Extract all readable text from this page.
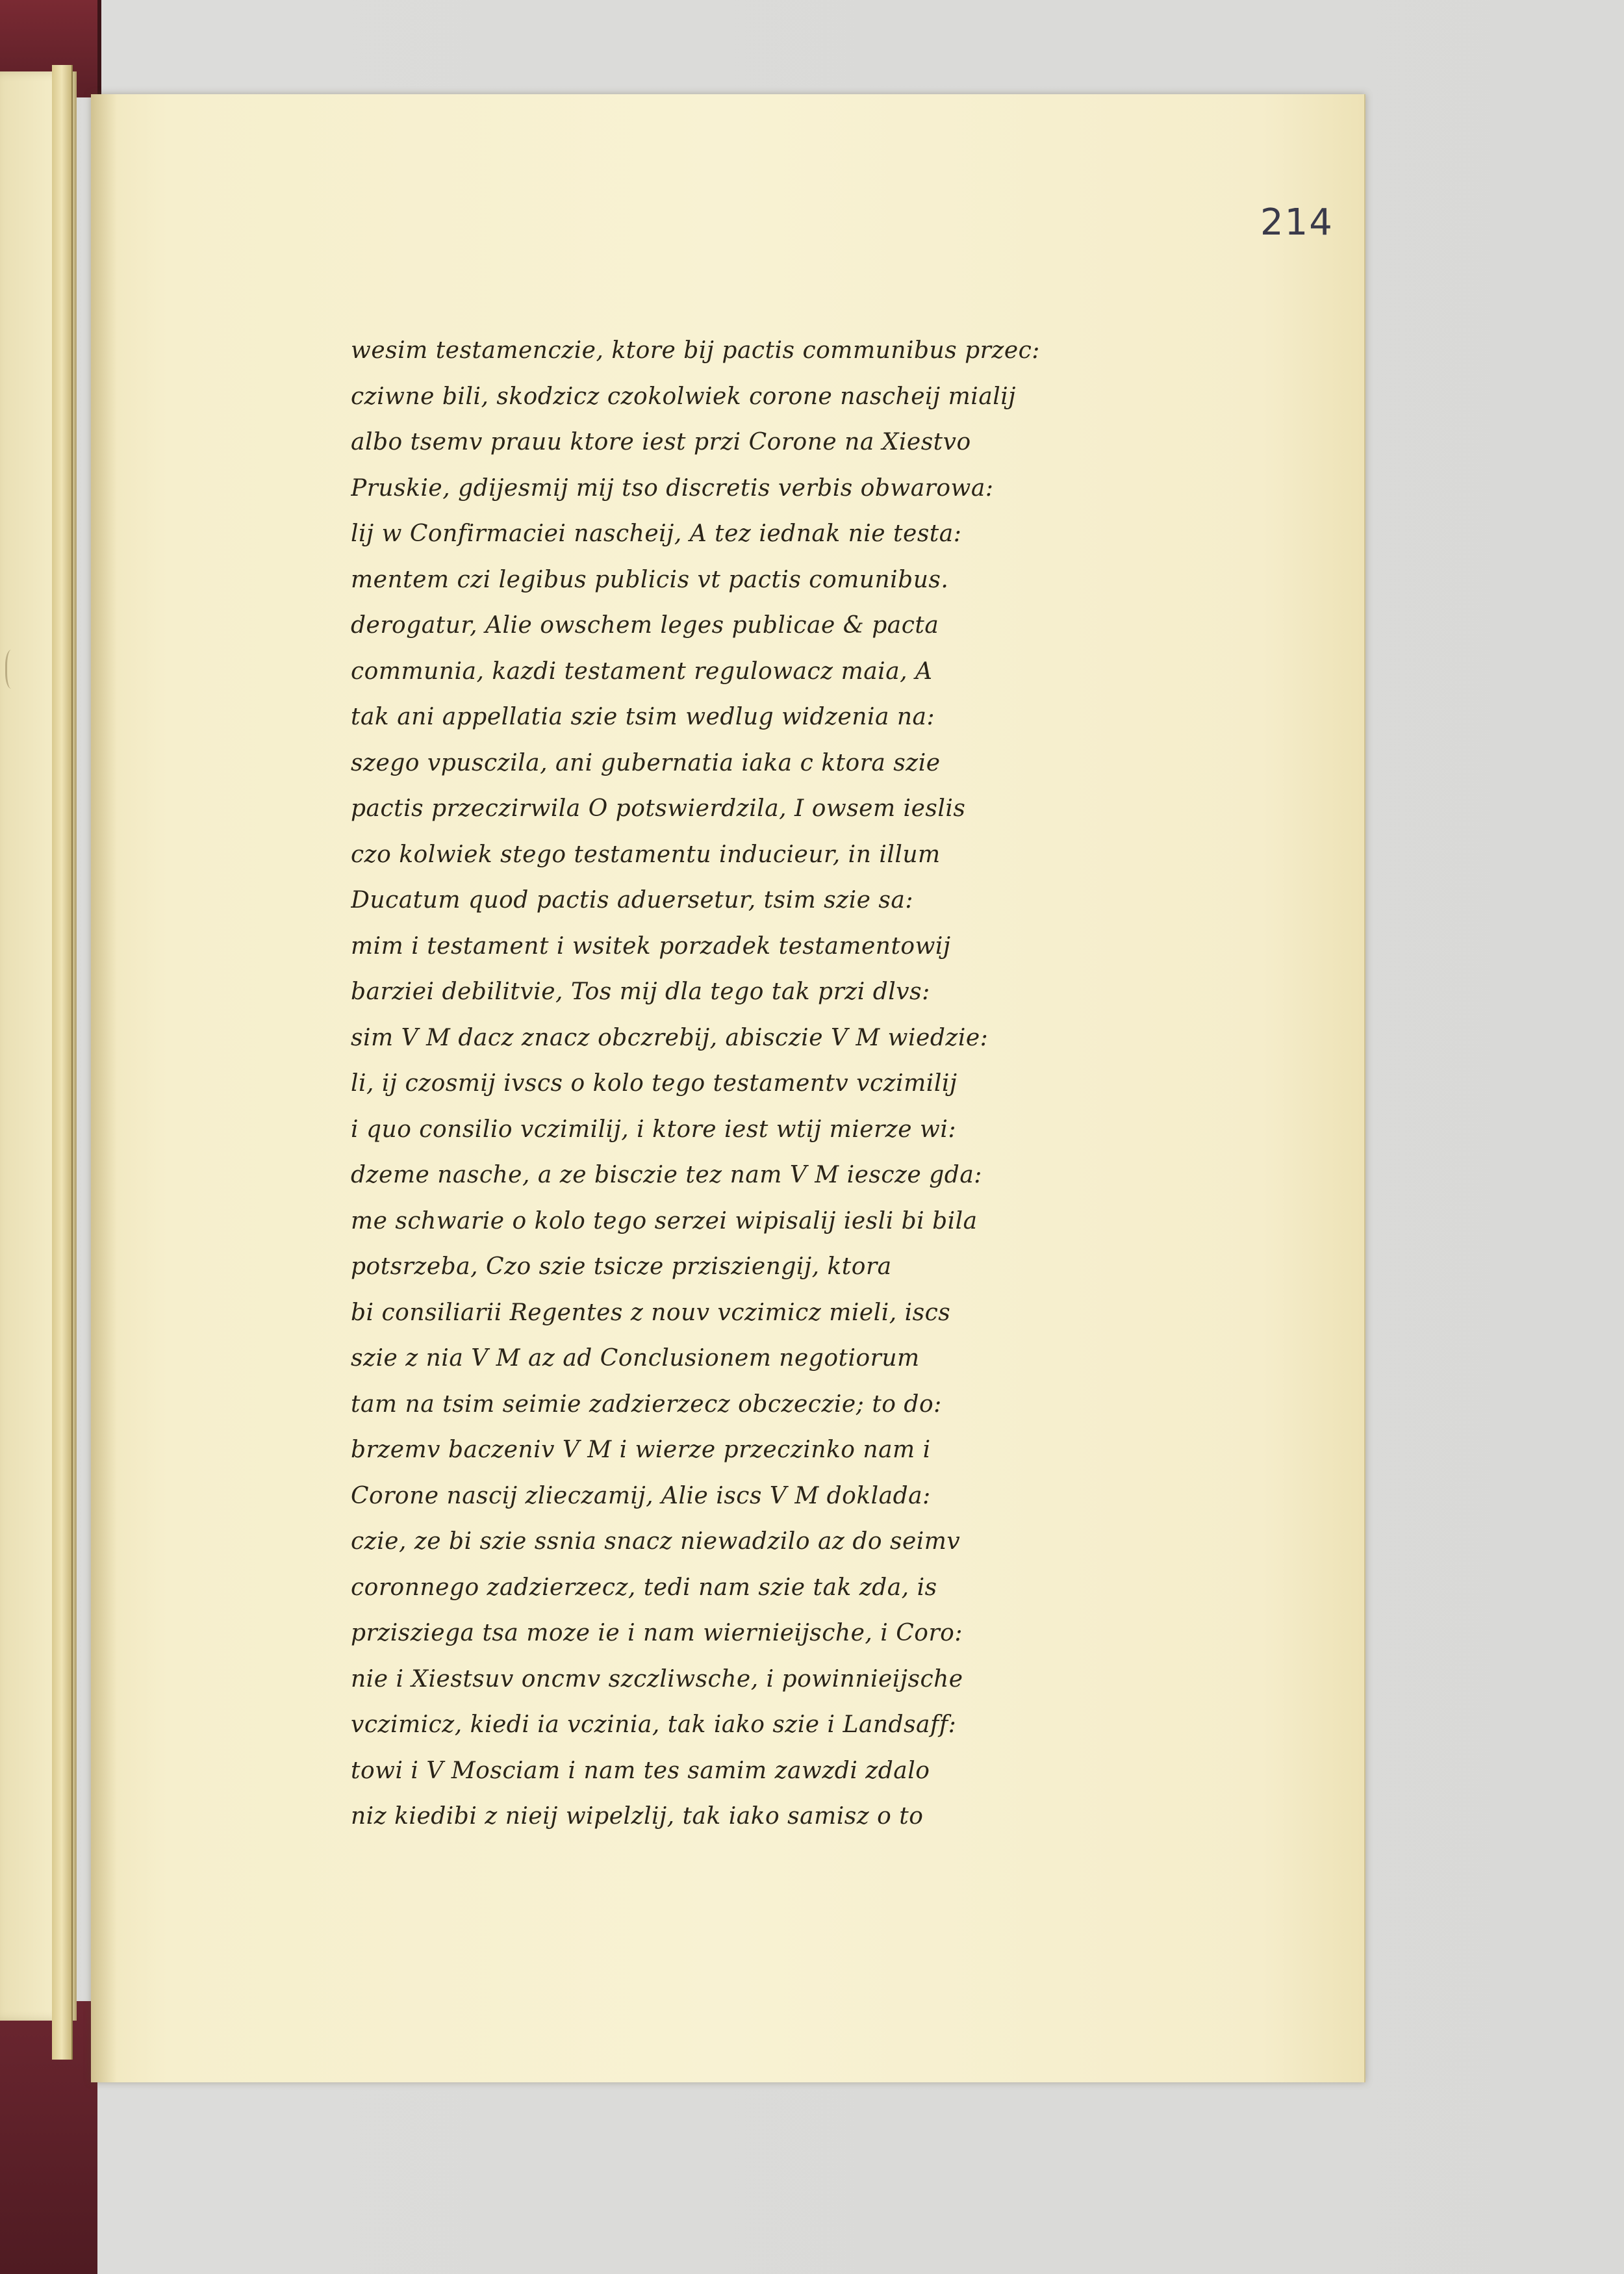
214
wesim testamenczie, ktore bij pactis communibus przec:
cziwne bili, skodzicz czokolwiek corone nascheij mialij
albo tsemv prauu ktore iest przi Corone na Xiestvo
Pruskie, gdijesmij mij tso discretis verbis obwarowa:
lij w Confirmaciei nascheij, A tez iednak nie testa:
mentem czi legibus publicis vt pactis comunibus.
derogatur, Alie owschem leges publicae & pacta
communia, kazdi testament regulowacz maia, A
tak ani appellatia szie tsim wedlug widzenia na:
szego vpusczila, ani gubernatia iaka c ktora szie
pactis przeczirwila O potswierdzila, I owsem ieslis
czo kolwiek stego testamentu inducieur, in illum
Ducatum quod pactis aduersetur, tsim szie sa:
mim i testament i wsitek porzadek testamentowij
barziei debilitvie, Tos mij dla tego tak przi dlvs:
sim V M dacz znacz obczrebij, abisczie V M wiedzie:
li, ij czosmij ivscs o kolo tego testamentv vczimilij
i quo consilio vczimilij, i ktore iest wtij mierze wi:
dzeme nasche, a ze bisczie tez nam V M iescze gda:
me schwarie o kolo tego serzei wipisalij iesli bi bila
potsrzeba, Czo szie tsicze przisziengij, ktora
bi consiliarii Regentes z nouv vczimicz mieli, iscs
szie z nia V M az ad Conclusionem negotiorum
tam na tsim seimie zadzierzecz obczeczie; to do:
brzemv baczeniv V M i wierze przeczinko nam i
Corone nascij zlieczamij, Alie iscs V M doklada:
czie, ze bi szie ssnia snacz niewadzilo az do seimv
coronnego zadzierzecz, tedi nam szie tak zda, is
przisziega tsa moze ie i nam wiernieijsche, i Coro:
nie i Xiestsuv oncmv szczliwsche, i powinnieijsche
vczimicz, kiedi ia vczinia, tak iako szie i Landsaff:
towi i V Mosciam i nam tes samim zawzdi zdalo
niz kiedibi z nieij wipelzlij, tak iako samisz o to
